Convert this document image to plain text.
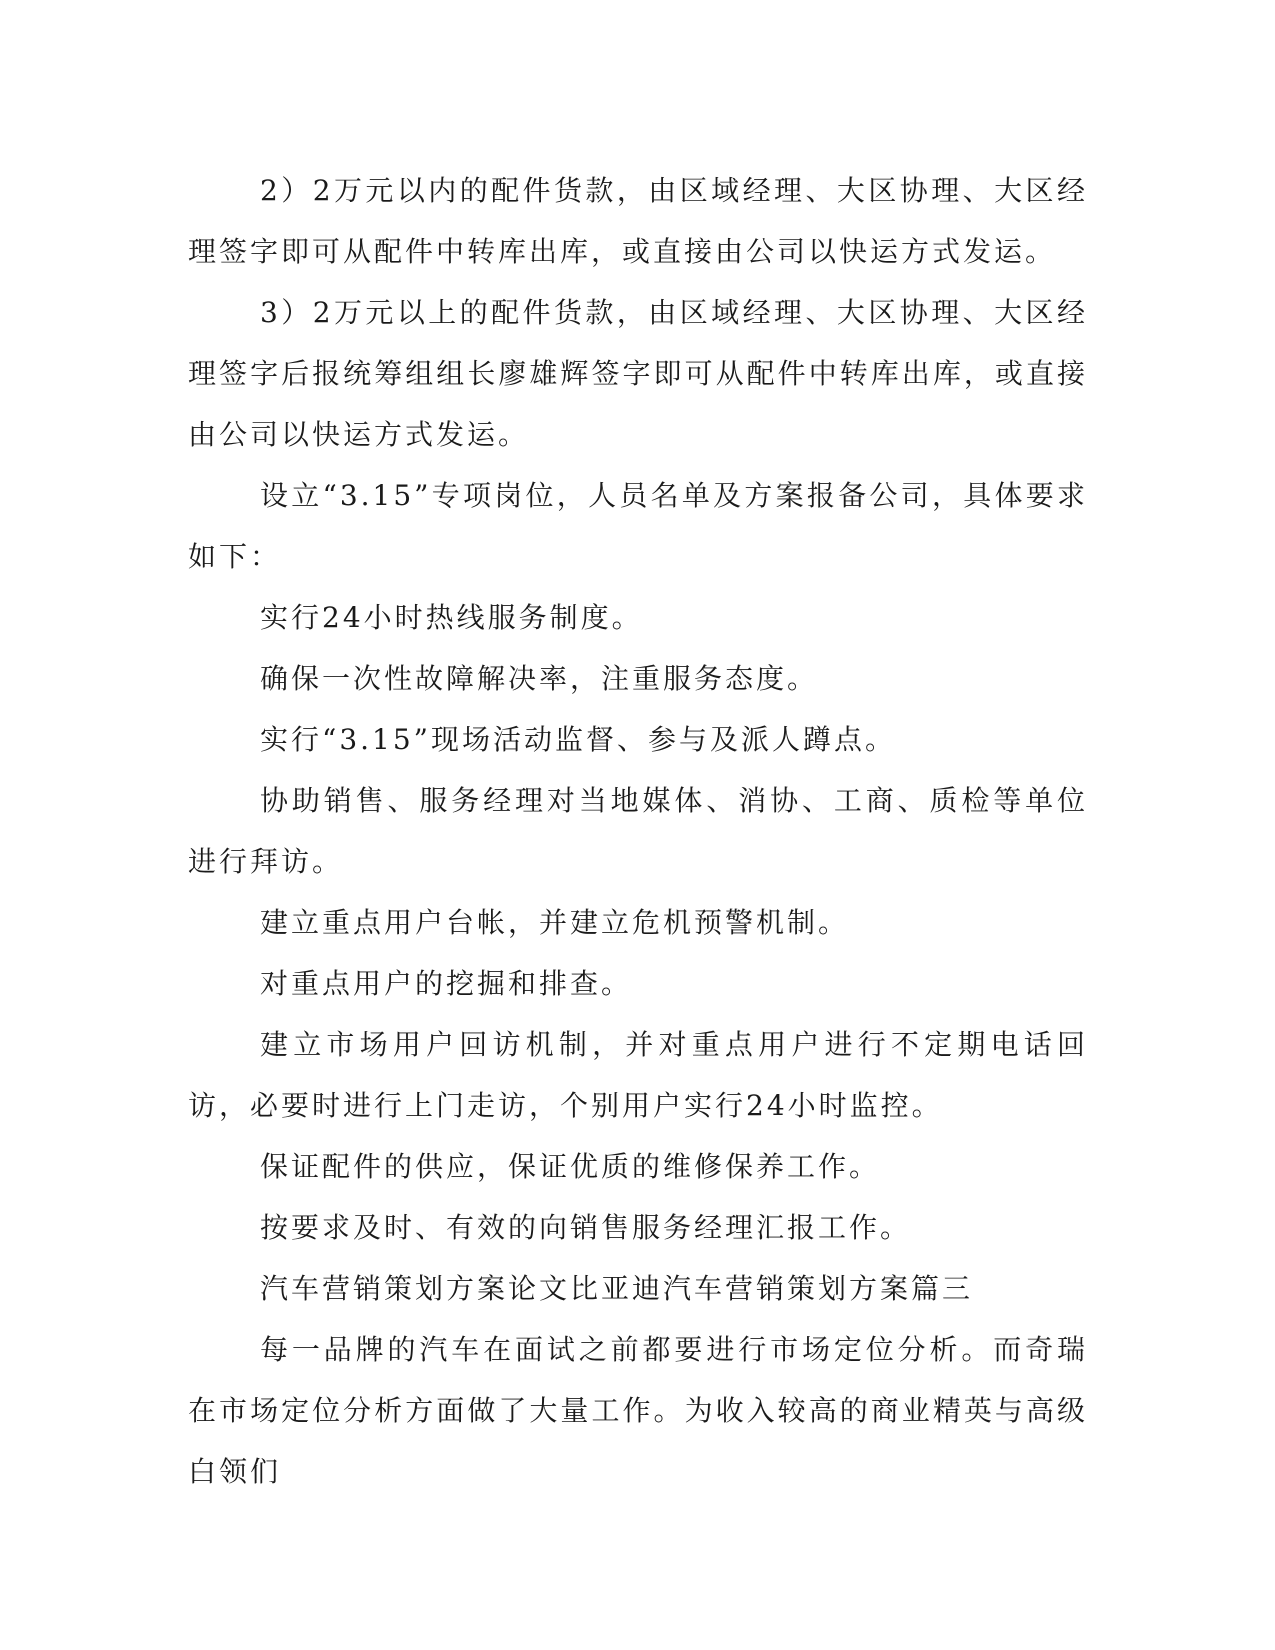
2）2万元以内的配件货款，由区域经理、大区协理、大区经理签字即可从配件中转库出库，或直接由公司以快运方式发运。

3）2万元以上的配件货款，由区域经理、大区协理、大区经理签字后报统筹组组长廖雄辉签字即可从配件中转库出库，或直接由公司以快运方式发运。

设立“3.15”专项岗位，人员名单及方案报备公司，具体要求如下：

实行24小时热线服务制度。

确保一次性故障解决率，注重服务态度。

实行“3.15”现场活动监督、参与及派人蹲点。

协助销售、服务经理对当地媒体、消协、工商、质检等单位进行拜访。

建立重点用户台帐，并建立危机预警机制。

对重点用户的挖掘和排查。

建立市场用户回访机制，并对重点用户进行不定期电话回访，必要时进行上门走访，个别用户实行24小时监控。

保证配件的供应，保证优质的维修保养工作。

按要求及时、有效的向销售服务经理汇报工作。

汽车营销策划方案论文比亚迪汽车营销策划方案篇三

每一品牌的汽车在面试之前都要进行市场定位分析。而奇瑞在市场定位分析方面做了大量工作。为收入较高的商业精英与高级白领们
